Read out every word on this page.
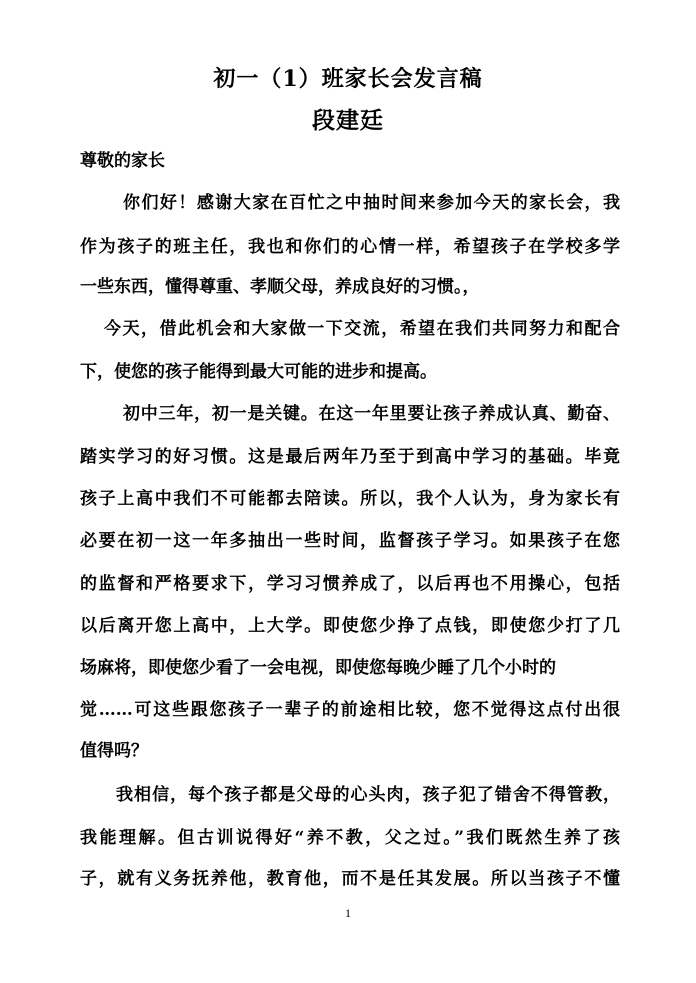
初一（1）班家长会发言稿
段建廷
尊敬的家长
你们好！感谢大家在百忙之中抽时间来参加今天的家长会，我
作为孩子的班主任，我也和你们的心情一样，希望孩子在学校多学
一些东西，懂得尊重、孝顺父母，养成良好的习惯。，
今天，借此机会和大家做一下交流，希望在我们共同努力和配合
下，使您的孩子能得到最大可能的进步和提高。
初中三年，初一是关键。在这一年里要让孩子养成认真、勤奋、
踏实学习的好习惯。这是最后两年乃至于到高中学习的基础。毕竟
孩子上高中我们不可能都去陪读。所以，我个人认为，身为家长有
必要在初一这一年多抽出一些时间，监督孩子学习。如果孩子在您
的监督和严格要求下，学习习惯养成了，以后再也不用操心，包括
以后离开您上高中，上大学。即使您少挣了点钱，即使您少打了几
场麻将，即使您少看了一会电视，即使您每晚少睡了几个小时的
觉……可这些跟您孩子一辈子的前途相比较，您不觉得这点付出很
值得吗？
我相信，每个孩子都是父母的心头肉，孩子犯了错舍不得管教，
我能理解。但古训说得好“养不教，父之过。”我们既然生养了孩
子，就有义务抚养他，教育他，而不是任其发展。所以当孩子不懂
1
